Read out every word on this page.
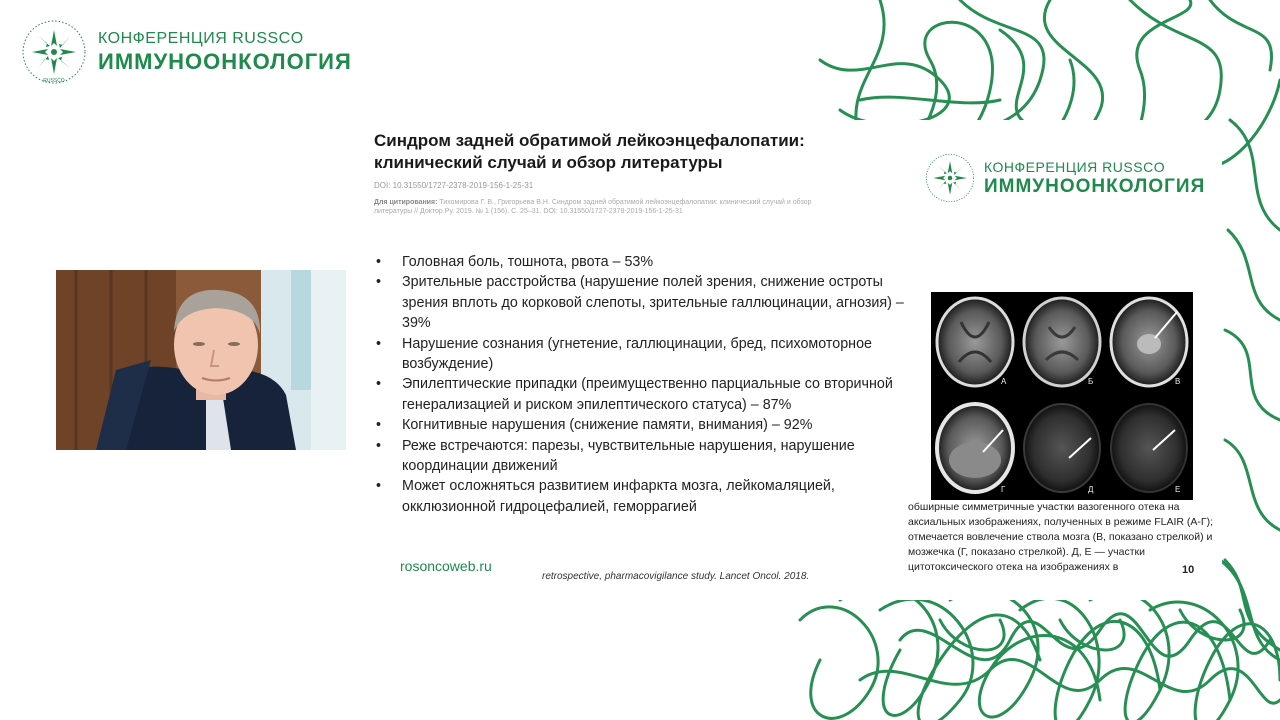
RUSSCO
КОНФЕРЕНЦИЯ RUSSCO
ИММУНООНКОЛОГИЯ
Синдром задней обратимой лейкоэнцефалопатии: клинический случай и обзор литературы
DOI: 10.31550/1727-2378-2019-156-1-25-31
Для цитирования: Тихомирова Г. В., Григорьева В.Н. Синдром задней обратимой лейкоэнцефалопатии: клинический случай и обзор литературы // Доктор.Ру. 2019. № 1 (156). С. 25–31. DOI: 10.31550/1727-2378-2019-156-1-25-31
КОНФЕРЕНЦИЯ RUSSCO
ИММУНООНКОЛОГИЯ
• Головная боль, тошнота, рвота – 53%
• Зрительные расстройства (нарушение полей зрения, снижение остроты зрения вплоть до корковой слепоты, зрительные галлюцинации, агнозия) – 39%
• Нарушение сознания (угнетение, галлюцинации, бред, психомоторное возбуждение)
• Эпилептические припадки (преимущественно парциальные со вторичной генерализацией и риском эпилептического статуса) – 87%
• Когнитивные нарушения (снижение памяти, внимания) – 92%
• Реже встречаются: парезы, чувствительные нарушения, нарушение координации движений
• Может осложняться развитием инфаркта мозга, лейкомаляцией, окклюзионной гидроцефалией, геморрагией
А	Б	В
Г	Д	Е

обширные симметричные участки вазогенного отека на аксиальных изображениях, полученных в режиме FLAIR (А-Г); отмечается вовлечение ствола мозга (В, показано стрелкой) и мозжечка (Г, показано стрелкой). Д, Е — участки цитотоксического отека на изображениях в

rosoncoweb.ru
retrospective, pharmacovigilance study. Lancet Oncol. 2018.
10
